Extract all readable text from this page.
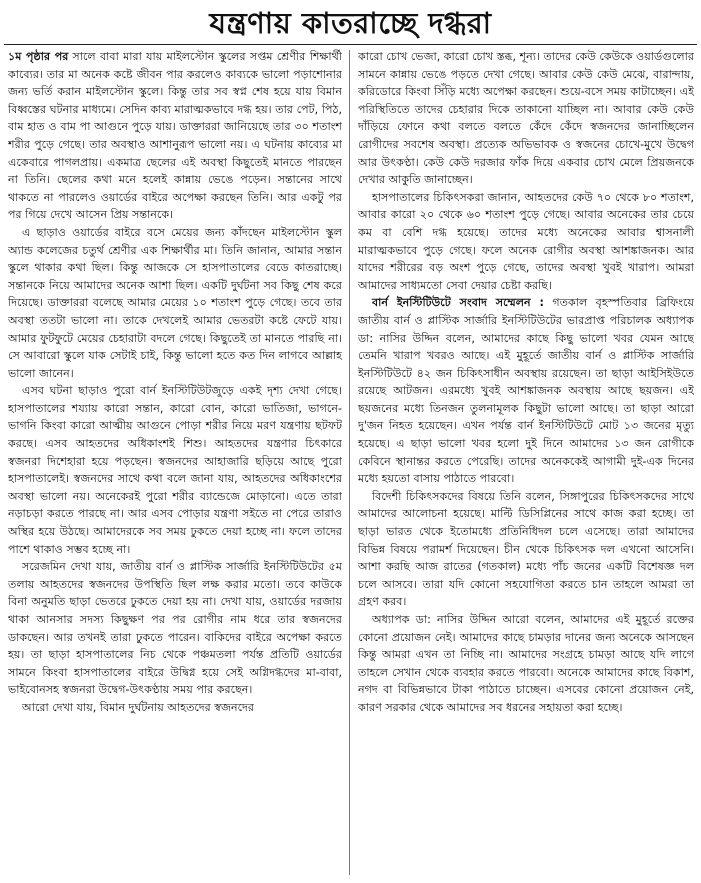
যন্ত্রণায় কাতরাচ্ছে দগ্ধরা

১ম পৃষ্ঠার পর সালে বাবা মারা যায় মাইলস্টোন স্কুলের সপ্তম শ্রেণীর শিক্ষার্থী কাব্যের। তার মা অনেক কষ্টে জীবন পার করলেও কাব্যকে ভালো পড়াশোনার জন্য ভর্তি করান মাইলস্টোন স্কুলে। কিন্তু তার সব স্বপ্ন শেষ হয়ে যায় বিমান বিধ্বস্তের ঘটনার মাধ্যমে। সেদিন কাব্য মারাত্মকভাবে দগ্ধ হয়। তার পেট, পিঠ, বাম হাত ও বাম পা আগুনে পুড়ে যায়। ডাক্তাররা জানিয়েছে তার ৩০ শতাংশ শরীর পুড়ে গেছে। তার অবস্থাও আশানুরূপ ভালো নয়। এ ঘটনায় কাব্যের মা একেবারে পাগলপ্রায়। একমাত্র ছেলের এই অবস্থা কিছুতেই মানতে পারছেন না তিনি। ছেলের কথা মনে হলেই কান্নায় ভেঙে পড়েন। সন্তানের সাথে থাকতে না পারলেও ওয়ার্ডের বাইরে অপেক্ষা করছেন তিনি। আর একটু পর পর গিয়ে দেখে আসেন প্রিয় সন্তানকে।

এ ছাড়াও ওয়ার্ডের বাইরে বসে মেয়ের জন্য কাঁদছেন মাইলস্টোন স্কুল অ্যান্ড কলেজের চতুর্থ শ্রেণীর এক শিক্ষার্থীর মা। তিনি জানান, আমার সন্তান স্কুলে থাকার কথা ছিল। কিন্তু আজকে সে হাসপাতালের বেডে কাতরাচ্ছে। সন্তানকে নিয়ে আমাদের অনেক আশা ছিল। একটি দুর্ঘটনা সব কিছু শেষ করে দিয়েছে। ডাক্তাররা বলেছে আমার মেয়ের ১০ শতাংশ পুড়ে গেছে। তবে তার অবস্থা ততটা ভালো না। তাকে দেখলেই আমার ভেতরটা কষ্টে ফেটে যায়। আমার ফুটফুটে মেয়ের চেহারাটা বদলে গেছে। কিছুতেই তা মানতে পারছি না। সে আবারো স্কুলে যাক সেটাই চাই, কিন্তু ভালো হতে কত দিন লাগবে আল্লাহ ভালো জানেন।

এসব ঘটনা ছাড়াও পুরো বার্ন ইনস্টিটিউটজুড়ে একই দৃশ্য দেখা গেছে। হাসপাতালের শয্যায় কারো সন্তান, কারো বোন, কারো ভাতিজা, ভাগনে-ভাগনি কিংবা কারো আত্মীয় আগুনে পোড়া শরীর নিয়ে মরণ যন্ত্রণায় ছটফট করছে। এসব আহতদের অধিকাংশই শিশু। আহতদের যন্ত্রণার চিৎকারে স্বজনরা দিশেহারা হয়ে পড়ছেন। স্বজনদের আহাজারি ছড়িয়ে আছে পুরো হাসপাতালেই। স্বজনদের সাথে কথা বলে জানা যায়, আহতদের অধিকাংশের অবস্থা ভালো নয়। অনেকেরই পুরো শরীর ব্যান্ডেজে মোড়ানো। এতে তারা নড়াচড়া করতে পারছে না। আর এসব পোড়ার যন্ত্রণা সইতে না পেরে তারাও অস্থির হয়ে উঠছে। আমাদেরকে সব সময় ঢুকতে দেয়া হচ্ছে না। ফলে তাদের পাশে থাকাও সম্ভব হচ্ছে না।

সরেজমিন দেখা যায়, জাতীয় বার্ন ও প্লাস্টিক সার্জারি ইনস্টিটিউটের ৫ম তলায় আহতদের স্বজনদের উপস্থিতি ছিল লক্ষ করার মতো। তবে কাউকে বিনা অনুমতি ছাড়া ভেতরে ঢুকতে দেয়া হয় না। দেখা যায়, ওয়ার্ডের দরজায় থাকা আনসার সদস্য কিছুক্ষণ পর পর রোগীর নাম ধরে তার স্বজনদের ডাকছেন। আর তখনই তারা ঢুকতে পারেন। বাকিদের বাইরে অপেক্ষা করতে হয়। তা ছাড়া হাসপাতালের নিচ থেকে পঞ্চমতলা পর্যন্ত প্রতিটি ওয়ার্ডের সামনে কিংবা হাসপাতালের বাইরে উদ্বিগ্ন হয়ে সেই অগ্নিদগ্ধদের মা-বাবা, ভাইবোনসহ স্বজনরা উদ্বেগ-উৎকণ্ঠায় সময় পার করছেন।

আরো দেখা যায়, বিমান দুর্ঘটনায় আহতদের স্বজনদের

কারো চোখ ভেজা, কারো চোখ স্তব্ধ, শূন্য। তাদের কেউ কেউকে ওয়ার্ডগুলোর সামনে কান্নায় ভেঙে পড়তে দেখা গেছে। আবার কেউ কেউ মেঝে, বারান্দায়, করিডোরে কিংবা সিঁড়ি মধ্যে অপেক্ষা করছেন। শুয়ে-বসে সময় কাটাচ্ছেন। এই পরিস্থিতিতে তাদের চেহারার দিকে তাকানো যাচ্ছিল না। আবার কেউ কেউ দাঁড়িয়ে ফোনে কথা বলতে বলতে কেঁদে কেঁদে স্বজনদের জানাচ্ছিলেন রোগীদের সবশেষ অবস্থা। প্রত্যেক অভিভাবক ও স্বজনের চোখে-মুখে উদ্বেগ আর উৎকণ্ঠা। কেউ কেউ দরজার ফাঁক দিয়ে একবার চোখ মেলে প্রিয়জনকে দেখার আকুতি জানাচ্ছেন।

হাসপাতালের চিকিৎসকরা জানান, আহতদের কেউ ৭০ থেকে ৮০ শতাংশ, আবার কারো ২০ থেকে ৬০ শতাংশ পুড়ে গেছে। আবার অনেকের তার চেয়ে কম বা বেশি দগ্ধ হয়েছে। তাদের মধ্যে অনেকের আবার শ্বাসনালী মারাত্মকভাবে পুড়ে গেছে। ফলে অনেক রোগীর অবস্থা আশঙ্কাজনক। আর যাদের শরীরের বড় অংশ পুড়ে গেছে, তাদের অবস্থা খুবই খারাপ। আমরা আমাদের সাধ্যমতো সেবা দেয়ার চেষ্টা করছি।

বার্ন ইনস্টিটিউটে সংবাদ সম্মেলন : গতকাল বৃহস্পতিবার ব্রিফিংয়ে জাতীয় বার্ন ও প্লাস্টিক সার্জারি ইনস্টিটিউটের ভারপ্রাপ্ত পরিচালক অধ্যাপক ডা: নাসির উদ্দিন বলেন, আমাদের কাছে কিছু ভালো খবর যেমন আছে তেমনি খারাপ খবরও আছে। এই মুহূর্তে জাতীয় বার্ন ও প্লাস্টিক সার্জারি ইনস্টিটিউটে ৪২ জন চিকিৎসাধীন অবস্থায় রয়েছেন। তা ছাড়া আইসিইউতে রয়েছে আটজন। এরমধ্যে খুবই আশঙ্কাজনক অবস্থায় আছে ছয়জন। এই ছয়জনের মধ্যে তিনজন তুলনামূলক কিছুটা ভালো আছে। তা ছাড়া আরো দু'জন নিহত হয়েছেন। এখন পর্যন্ত বার্ন ইনস্টিটিউটে মোট ১৩ জনের মৃত্যু হয়েছে। এ ছাড়া ভালো খবর হলো দুই দিনে আমাদের ১৩ জন রোগীকে কেবিনে স্থানান্তর করতে পেরেছি। তাদের অনেককেই আগামী দুই-এক দিনের মধ্যে হয়তো বাসায় পাঠাতে পারবো।

বিদেশী চিকিৎসকদের বিষয়ে তিনি বলেন, সিঙ্গাপুরের চিকিৎসকদের সাথে আমাদের আলোচনা হয়েছে। মাল্টি ডিসিপ্লিনের সাথে কাজ করা হচ্ছে। তা ছাড়া ভারত থেকে ইতোমধ্যে প্রতিনিধিদল চলে এসেছে। তারা আমাদের বিভিন্ন বিষয়ে পরামর্শ দিয়েছেন। চীন থেকে চিকিৎসক দল এখনো আসেনি। আশা করছি আজ রাতের (গতকাল) মধ্যে পাঁচ জনের একটি বিশেষজ্ঞ দল চলে আসবে। তারা যদি কোনো সহযোগিতা করতে চান তাহলে আমরা তা গ্রহণ করব।

অধ্যাপক ডা: নাসির উদ্দিন আরো বলেন, আমাদের এই মুহূর্তে রক্তের কোনো প্রয়োজন নেই। আমাদের কাছে চামড়ার দানের জন্য অনেকে আসছেন কিন্তু আমরা এখন তা নিচ্ছি না। আমাদের সংগ্রহে চামড়া আছে যদি লাগে তাহলে সেখান থেকে ব্যবহার করতে পারবো। অনেকে আমাদের কাছে বিকাশ, নগদ বা বিভিন্নভাবে টাকা পাঠাতে চাচ্ছেন। এসবের কোনো প্রয়োজন নেই, কারণ সরকার থেকে আমাদের সব ধরনের সহায়তা করা হচ্ছে।
